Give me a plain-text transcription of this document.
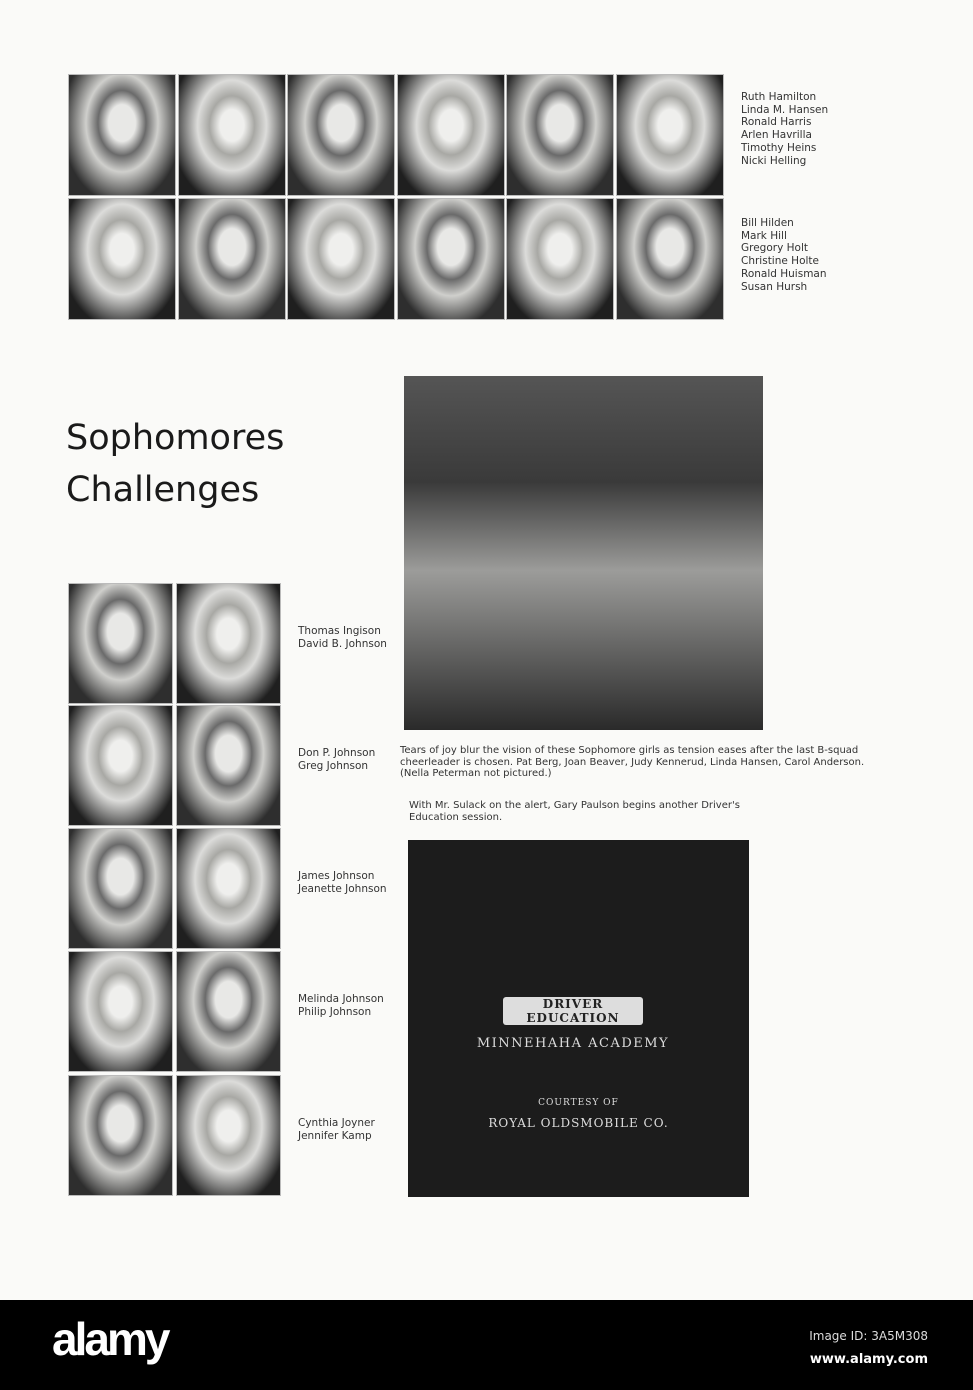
Ruth Hamilton
Linda M. Hansen
Ronald Harris
Arlen Havrilla
Timothy Heins
Nicki Helling
Bill Hilden
Mark Hill
Gregory Holt
Christine Holte
Ronald Huisman
Susan Hursh
Sophomores
Challenges
Tears of joy blur the vision of these Sophomore girls as tension eases after the last B-squad cheerleader is chosen. Pat Berg, Joan Beaver, Judy Kennerud, Linda Hansen, Carol Anderson. (Nella Peterman not pictured.)
With Mr. Sulack on the alert, Gary Paulson begins another Driver's Education session.
DRIVER EDUCATION
MINNEHAHA ACADEMY
COURTESY OF
ROYAL OLDSMOBILE CO.
Thomas Ingison
David B. Johnson
Don P. Johnson
Greg Johnson
James Johnson
Jeanette Johnson
Melinda Johnson
Philip Johnson
Cynthia Joyner
Jennifer Kamp
alamy	Image ID: 3A5M308
www.alamy.com
